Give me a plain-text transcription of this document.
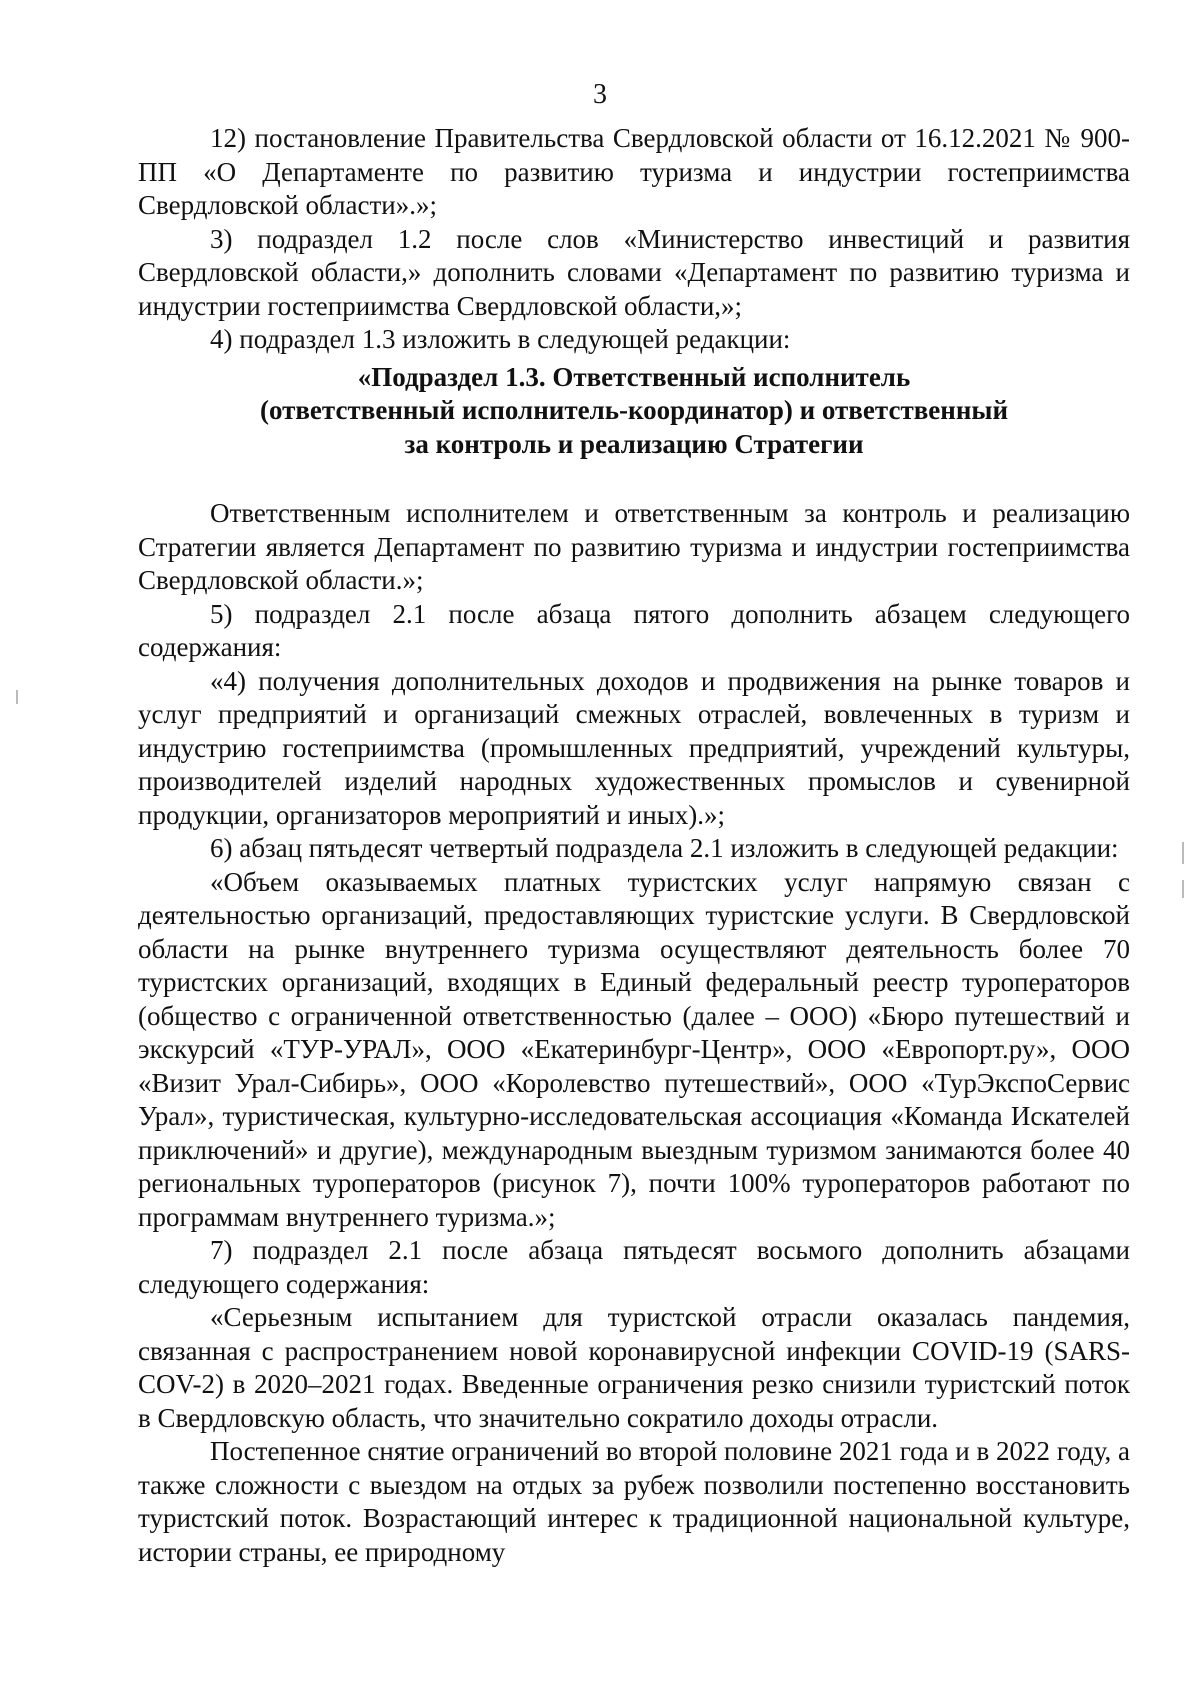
3

12) постановление Правительства Свердловской области от 16.12.2021 № 900-ПП «О Департаменте по развитию туризма и индустрии гостеприимства Свердловской области».»;

3) подраздел 1.2 после слов «Министерство инвестиций и развития Свердловской области,» дополнить словами «Департамент по развитию туризма и индустрии гостеприимства Свердловской области,»;

4) подраздел 1.3 изложить в следующей редакции:

«Подраздел 1.3. Ответственный исполнитель
(ответственный исполнитель-координатор) и ответственный
за контроль и реализацию Стратегии

Ответственным исполнителем и ответственным за контроль и реализацию Стратегии является Департамент по развитию туризма и индустрии гостеприимства Свердловской области.»;

5) подраздел 2.1 после абзаца пятого дополнить абзацем следующего содержания:

«4) получения дополнительных доходов и продвижения на рынке товаров и услуг предприятий и организаций смежных отраслей, вовлеченных в туризм и индустрию гостеприимства (промышленных предприятий, учреждений культуры, производителей изделий народных художественных промыслов и сувенирной продукции, организаторов мероприятий и иных).»;

6) абзац пятьдесят четвертый подраздела 2.1 изложить в следующей редакции:

«Объем оказываемых платных туристских услуг напрямую связан с деятельностью организаций, предоставляющих туристские услуги. В Свердловской области на рынке внутреннего туризма осуществляют деятельность более 70 туристских организаций, входящих в Единый федеральный реестр туроператоров (общество с ограниченной ответственностью (далее – ООО) «Бюро путешествий и экскурсий «ТУР-УРАЛ», ООО «Екатеринбург-Центр», ООО «Европорт.ру», ООО «Визит Урал-Сибирь», ООО «Королевство путешествий», ООО «ТурЭкспоСервис Урал», туристическая, культурно-исследовательская ассоциация «Команда Искателей приключений» и другие), международным выездным туризмом занимаются более 40 региональных туроператоров (рисунок 7), почти 100% туроператоров работают по программам внутреннего туризма.»;

7) подраздел 2.1 после абзаца пятьдесят восьмого дополнить абзацами следующего содержания:

«Серьезным испытанием для туристской отрасли оказалась пандемия, связанная с распространением новой коронавирусной инфекции COVID-19 (SARS-COV-2) в 2020–2021 годах. Введенные ограничения резко снизили туристский поток в Свердловскую область, что значительно сократило доходы отрасли.

Постепенное снятие ограничений во второй половине 2021 года и в 2022 году, а также сложности с выездом на отдых за рубеж позволили постепенно восстановить туристский поток. Возрастающий интерес к традиционной национальной культуре, истории страны, ее природному
